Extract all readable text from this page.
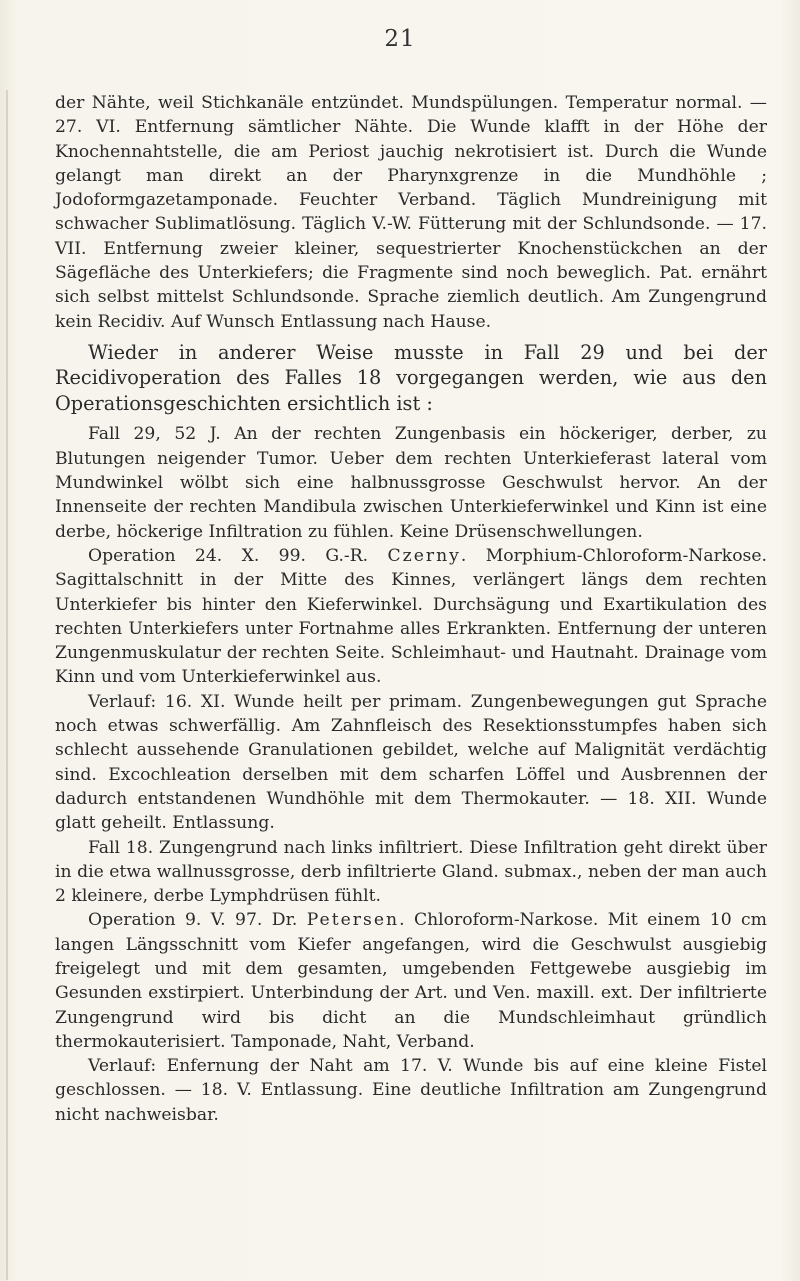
21

der Nähte, weil Stichkanäle entzündet. Mundspülungen. Temperatur normal. — 27. VI. Entfernung sämtlicher Nähte. Die Wunde klafft in der Höhe der Knochennahtstelle, die am Periost jauchig nekrotisiert ist. Durch die Wunde gelangt man direkt an der Pharynxgrenze in die Mundhöhle ; Jodoformgazetamponade. Feuchter Verband. Täglich Mundreinigung mit schwacher Sublimatlösung. Täglich V.-W. Fütterung mit der Schlundsonde. — 17. VII. Entfernung zweier kleiner, sequestrierter Knochenstückchen an der Sägefläche des Unterkiefers; die Fragmente sind noch beweglich. Pat. ernährt sich selbst mittelst Schlundsonde. Sprache ziemlich deutlich. Am Zungengrund kein Recidiv. Auf Wunsch Entlassung nach Hause.

Wieder in anderer Weise musste in Fall 29 und bei der Recidivoperation des Falles 18 vorgegangen werden, wie aus den Operationsgeschichten ersichtlich ist :

Fall 29, 52 J. An der rechten Zungenbasis ein höckeriger, derber, zu Blutungen neigender Tumor. Ueber dem rechten Unterkieferast lateral vom Mundwinkel wölbt sich eine halbnussgrosse Geschwulst hervor. An der Innenseite der rechten Mandibula zwischen Unterkieferwinkel und Kinn ist eine derbe, höckerige Infiltration zu fühlen. Keine Drüsenschwellungen.

Operation 24. X. 99. G.-R. Czerny. Morphium-Chloroform-Narkose. Sagittalschnitt in der Mitte des Kinnes, verlängert längs dem rechten Unterkiefer bis hinter den Kieferwinkel. Durchsägung und Exartikulation des rechten Unterkiefers unter Fortnahme alles Erkrankten. Entfernung der unteren Zungenmuskulatur der rechten Seite. Schleimhaut- und Hautnaht. Drainage vom Kinn und vom Unterkieferwinkel aus.

Verlauf: 16. XI. Wunde heilt per primam. Zungenbewegungen gut Sprache noch etwas schwerfällig. Am Zahnfleisch des Resektionsstumpfes haben sich schlecht aussehende Granulationen gebildet, welche auf Malignität verdächtig sind. Excochleation derselben mit dem scharfen Löffel und Ausbrennen der dadurch entstandenen Wundhöhle mit dem Thermokauter. — 18. XII. Wunde glatt geheilt. Entlassung.

Fall 18. Zungengrund nach links infiltriert. Diese Infiltration geht direkt über in die etwa wallnussgrosse, derb infiltrierte Gland. submax., neben der man auch 2 kleinere, derbe Lymphdrüsen fühlt.

Operation 9. V. 97. Dr. Petersen. Chloroform-Narkose. Mit einem 10 cm langen Längsschnitt vom Kiefer angefangen, wird die Geschwulst ausgiebig freigelegt und mit dem gesamten, umgebenden Fettgewebe ausgiebig im Gesunden exstirpiert. Unterbindung der Art. und Ven. maxill. ext. Der infiltrierte Zungengrund wird bis dicht an die Mundschleimhaut gründlich thermokauterisiert. Tamponade, Naht, Verband.

Verlauf: Enfernung der Naht am 17. V. Wunde bis auf eine kleine Fistel geschlossen. — 18. V. Entlassung. Eine deutliche Infiltration am Zungengrund nicht nachweisbar.
